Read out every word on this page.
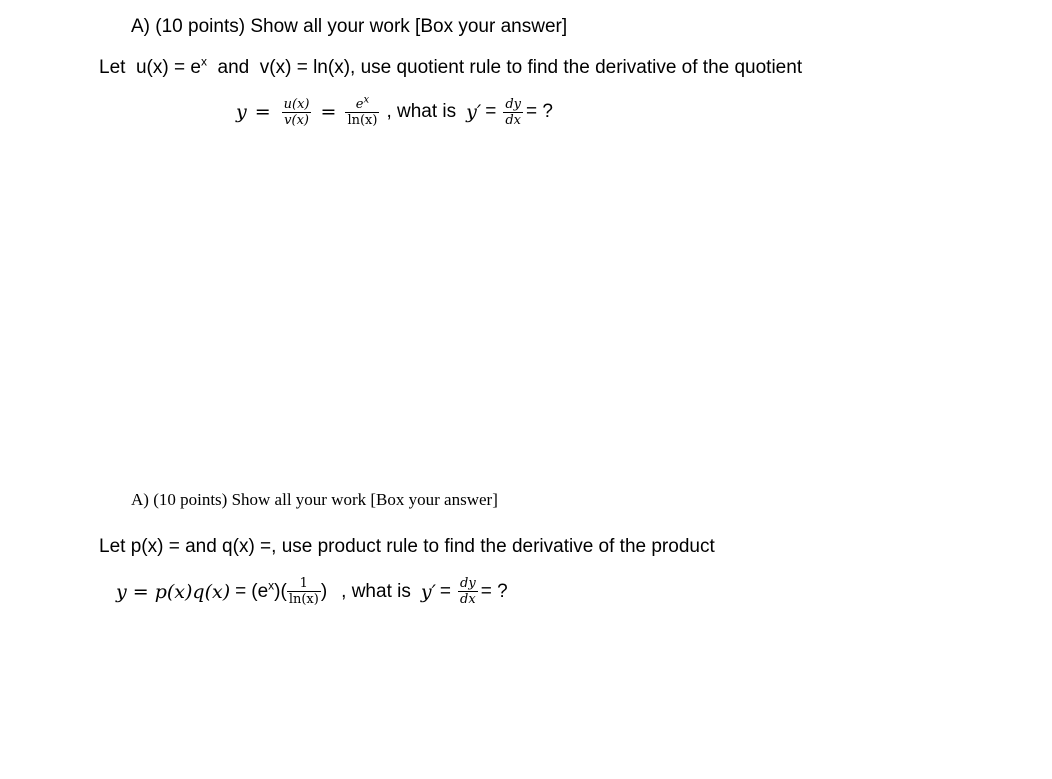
A) (10 points) Show all your work [Box your answer]
Let $u(x) = e^x$ and v(x) = ln(x), use quotient rule to find the derivative of the quotient
$y = \frac{u(x)}{v(x)} = \frac{e^x}{\ln(x)}$ , what is $y' = \frac{dy}{dx}$ = ?
A) (10 points) Show all your work [Box your answer]
Let p(x) = and q(x) =, use product rule to find the derivative of the product
$y = p(x)q(x) = (e^x)( \frac{1}{\ln(x)}$ ) , what is $y' = \frac{dy}{dx}$ = ?
